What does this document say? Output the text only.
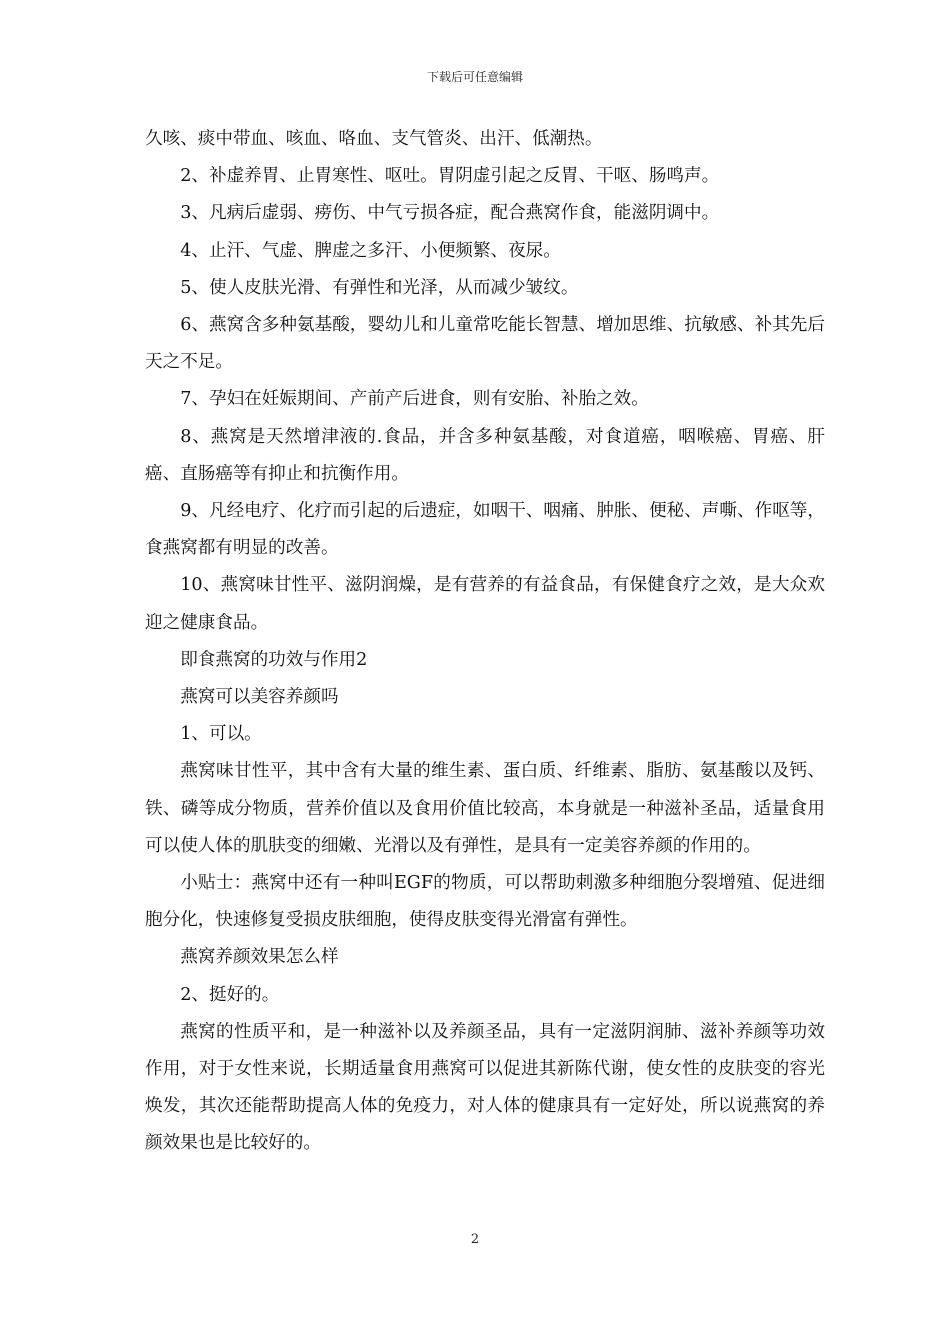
下载后可任意编辑

久咳、痰中带血、咳血、咯血、支气管炎、出汗、低潮热。

2、补虚养胃、止胃寒性、呕吐。胃阴虚引起之反胃、干呕、肠鸣声。

3、凡病后虚弱、痨伤、中气亏损各症，配合燕窝作食，能滋阴调中。

4、止汗、气虚、脾虚之多汗、小便频繁、夜尿。

5、使人皮肤光滑、有弹性和光泽，从而减少皱纹。

6、燕窝含多种氨基酸，婴幼儿和儿童常吃能长智慧、增加思维、抗敏感、补其先后天之不足。

7、孕妇在妊娠期间、产前产后进食，则有安胎、补胎之效。

8、燕窝是天然增津液的.食品，并含多种氨基酸，对食道癌，咽喉癌、胃癌、肝癌、直肠癌等有抑止和抗衡作用。

9、凡经电疗、化疗而引起的后遗症，如咽干、咽痛、肿胀、便秘、声嘶、作呕等，食燕窝都有明显的改善。

10、燕窝味甘性平、滋阴润燥，是有营养的有益食品，有保健食疗之效，是大众欢迎之健康食品。

即食燕窝的功效与作用2

燕窝可以美容养颜吗

1、可以。

燕窝味甘性平，其中含有大量的维生素、蛋白质、纤维素、脂肪、氨基酸以及钙、铁、磷等成分物质，营养价值以及食用价值比较高，本身就是一种滋补圣品，适量食用可以使人体的肌肤变的细嫩、光滑以及有弹性，是具有一定美容养颜的作用的。

小贴士：燕窝中还有一种叫EGF的物质，可以帮助刺激多种细胞分裂增殖、促进细胞分化，快速修复受损皮肤细胞，使得皮肤变得光滑富有弹性。

燕窝养颜效果怎么样

2、挺好的。

燕窝的性质平和，是一种滋补以及养颜圣品，具有一定滋阴润肺、滋补养颜等功效作用，对于女性来说，长期适量食用燕窝可以促进其新陈代谢，使女性的皮肤变的容光焕发，其次还能帮助提高人体的免疫力，对人体的健康具有一定好处，所以说燕窝的养颜效果也是比较好的。

2
